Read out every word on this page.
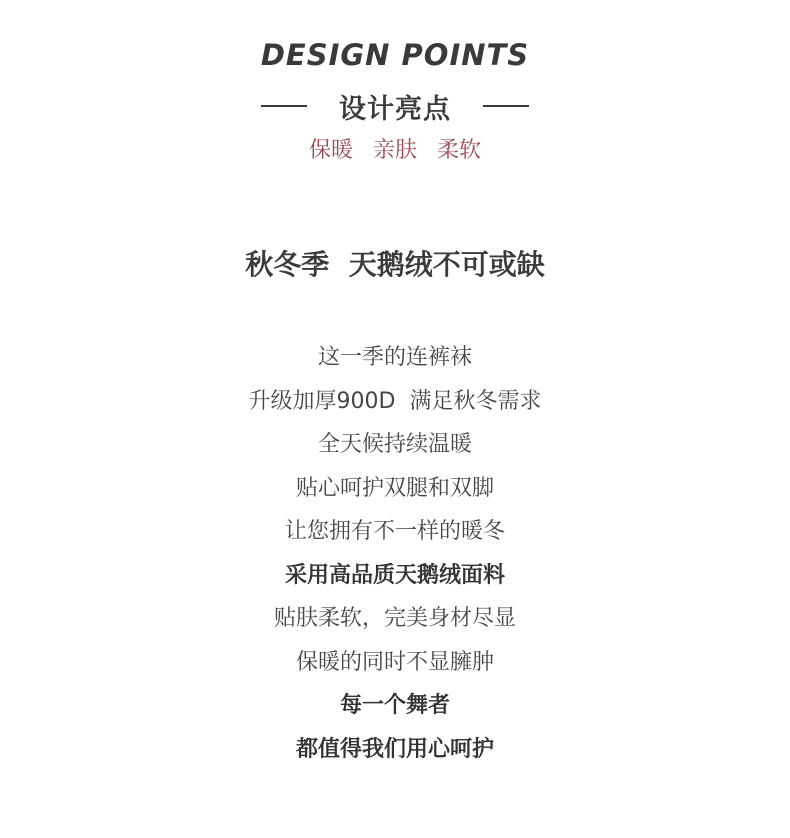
DESIGN POINTS
设计亮点
保暖 亲肤 柔软
秋冬季  天鹅绒不可或缺
这一季的连裤袜
升级加厚900D  满足秋冬需求
全天候持续温暖
贴心呵护双腿和双脚
让您拥有不一样的暖冬
采用高品质天鹅绒面料
贴肤柔软，完美身材尽显
保暖的同时不显臃肿
每一个舞者
都值得我们用心呵护
